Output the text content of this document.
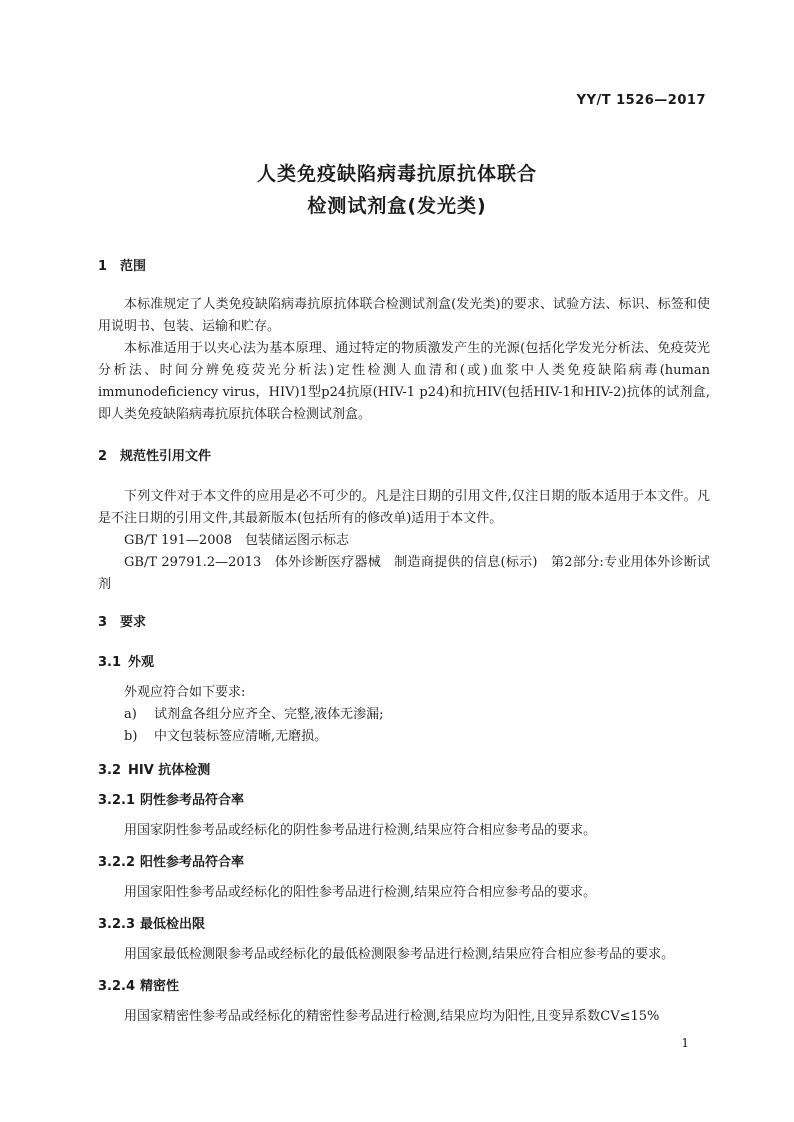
YY/T 1526—2017
人类免疫缺陷病毒抗原抗体联合
检测试剂盒(发光类)
1 范围

本标准规定了人类免疫缺陷病毒抗原抗体联合检测试剂盒(发光类)的要求、试验方法、标识、标签和使用说明书、包装、运输和贮存。

本标准适用于以夹心法为基本原理、通过特定的物质激发产生的光源(包括化学发光分析法、免疫荧光分析法、时间分辨免疫荧光分析法)定性检测人血清和(或)血浆中人类免疫缺陷病毒(human immunodeficiency virus，HIV)1型p24抗原(HIV-1 p24)和抗HIV(包括HIV-1和HIV-2)抗体的试剂盒,即人类免疫缺陷病毒抗原抗体联合检测试剂盒。

2 规范性引用文件

下列文件对于本文件的应用是必不可少的。凡是注日期的引用文件,仅注日期的版本适用于本文件。凡是不注日期的引用文件,其最新版本(包括所有的修改单)适用于本文件。

GB/T 191—2008　包装储运图示标志

GB/T 29791.2—2013　体外诊断医疗器械　制造商提供的信息(标示)　第2部分:专业用体外诊断试剂

3 要求
3.1 外观

外观应符合如下要求:

a) 试剂盒各组分应齐全、完整,液体无渗漏;
b) 中文包装标签应清晰,无磨损。
3.2 HIV 抗体检测
3.2.1 阴性参考品符合率

用国家阴性参考品或经标化的阴性参考品进行检测,结果应符合相应参考品的要求。

3.2.2 阳性参考品符合率

用国家阳性参考品或经标化的阳性参考品进行检测,结果应符合相应参考品的要求。

3.2.3 最低检出限

用国家最低检测限参考品或经标化的最低检测限参考品进行检测,结果应符合相应参考品的要求。

3.2.4 精密性

用国家精密性参考品或经标化的精密性参考品进行检测,结果应均为阳性,且变异系数CV≤15%

1
